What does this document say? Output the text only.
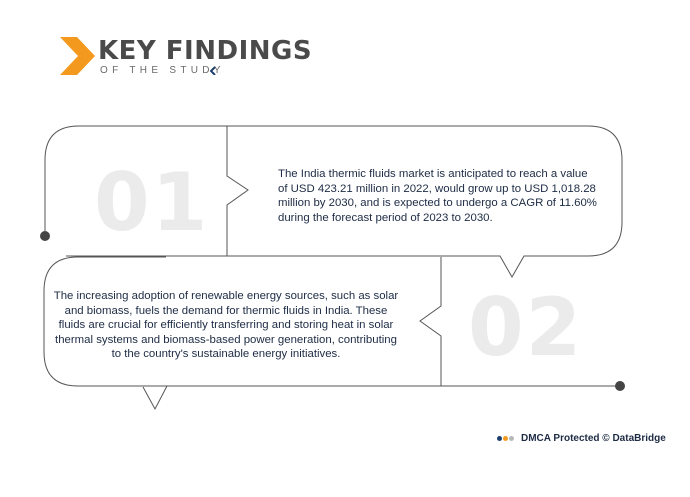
KEY FINDINGS
OF THE STUDY
01	The India thermic fluids market is anticipated to reach a value of USD 423.21 million in 2022, would grow up to USD 1,018.28 million by 2030, and is expected to undergo a CAGR of 11.60% during the forecast period of 2023 to 2030.
02
The increasing adoption of renewable energy sources, such as solar and biomass, fuels the demand for thermic fluids in India. These fluids are crucial for efficiently transferring and storing heat in solar thermal systems and biomass-based power generation, contributing to the country's sustainable energy initiatives.
DMCA Protected © DataBridge
